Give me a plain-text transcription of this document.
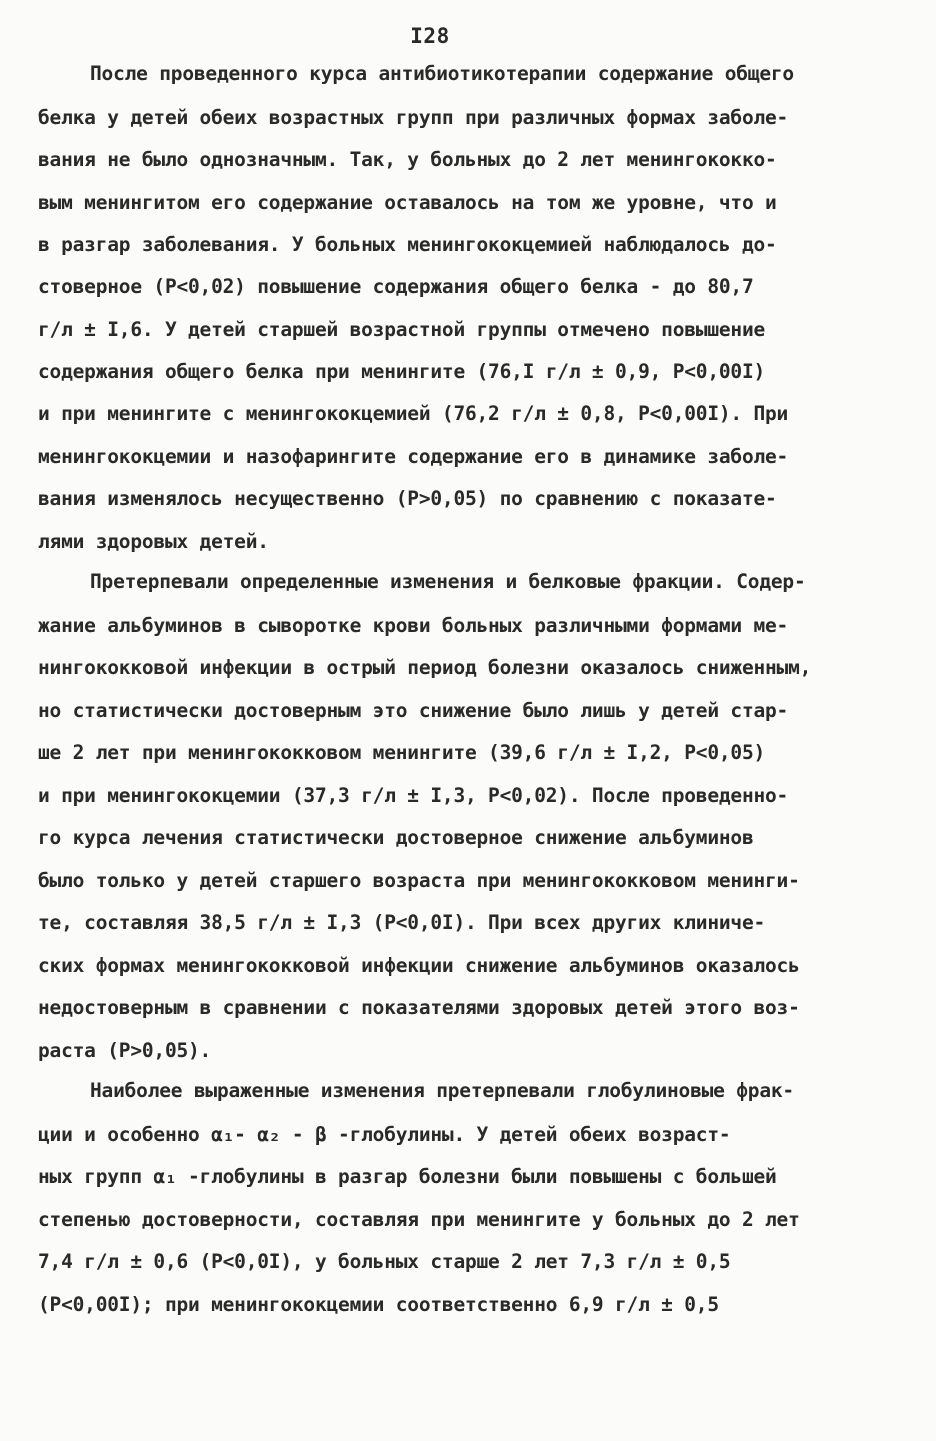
I28
После проведенного курса антибиотикотерапии содержание общего
белка у детей обеих возрастных групп при различных формах заболе-
вания не было однозначным. Так, у больных до 2 лет менингококко-
вым менингитом его содержание оставалось на том же уровне, что и
в разгар заболевания. У больных менингококцемией наблюдалось до-
стоверное (P<0,02) повышение содержания общего белка - до 80,7
г/л ± I,6. У детей старшей возрастной группы отмечено повышение
содержания общего белка при менингите (76,I г/л ± 0,9, P<0,00I)
и при менингите с менингококцемией (76,2 г/л ± 0,8, P<0,00I). При
менингококцемии и назофарингите содержание его в динамике заболе-
вания изменялось несущественно (P>0,05) по сравнению с показате-
лями здоровых детей.
Претерпевали определенные изменения и белковые фракции. Содер-
жание альбуминов в сыворотке крови больных различными формами ме-
нингококковой инфекции в острый период болезни оказалось сниженным,
но статистически достоверным это снижение было лишь у детей стар-
ше 2 лет при менингококковом менингите (39,6 г/л ± I,2, P<0,05)
и при менингококцемии (37,3 г/л ± I,3, P<0,02). После проведенно-
го курса лечения статистически достоверное снижение альбуминов
было только у детей старшего возраста при менингококковом менинги-
те, составляя 38,5 г/л ± I,3 (P<0,0I). При всех других клиниче-
ских формах менингококковой инфекции снижение альбуминов оказалось
недостоверным в сравнении с показателями здоровых детей этого воз-
раста (P>0,05).
Наиболее выраженные изменения претерпевали глобулиновые фрак-
ции и особенно α₁- α₂ - β -глобулины. У детей обеих возраст-
ных групп α₁ -глобулины в разгар болезни были повышены с большей
степенью достоверности, составляя при менингите у больных до 2 лет
7,4 г/л ± 0,6 (P<0,0I), у больных старше 2 лет 7,3 г/л ± 0,5
(P<0,00I); при менингококцемии соответственно 6,9 г/л ± 0,5
